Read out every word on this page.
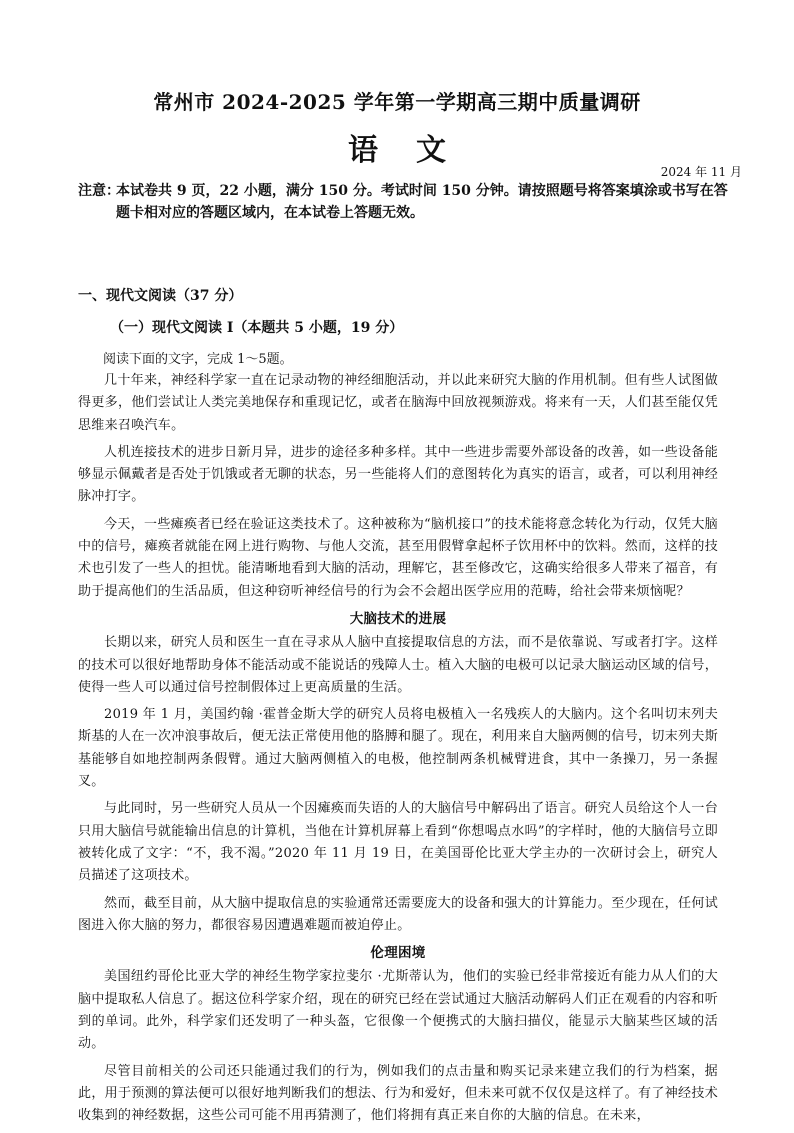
常州市 2024-2025 学年第一学期高三期中质量调研
语文
2024 年 11 月
注意：
本试卷共 9 页，22 小题，满分 150 分。考试时间 150 分钟。请按照题号将答案填涂或书写在答题卡相对应的答题区域内，在本试卷上答题无效。
一、现代文阅读（37 分）
（一）现代文阅读 I（本题共 5 小题，19 分）
阅读下面的文字，完成 1～5题。

几十年来，神经科学家一直在记录动物的神经细胞活动，并以此来研究大脑的作用机制。但有些人试图做得更多，他们尝试让人类完美地保存和重现记忆，或者在脑海中回放视频游戏。将来有一天，人们甚至能仅凭思维来召唤汽车。

人机连接技术的进步日新月异，进步的途径多种多样。其中一些进步需要外部设备的改善，如一些设备能够显示佩戴者是否处于饥饿或者无聊的状态，另一些能将人们的意图转化为真实的语言，或者，可以利用神经脉冲打字。

今天，一些瘫痪者已经在验证这类技术了。这种被称为“脑机接口”的技术能将意念转化为行动，仅凭大脑中的信号，瘫痪者就能在网上进行购物、与他人交流，甚至用假臂拿起杯子饮用杯中的饮料。然而，这样的技术也引发了一些人的担忧。能清晰地看到大脑的活动，理解它，甚至修改它，这确实给很多人带来了福音，有助于提高他们的生活品质，但这种窃听神经信号的行为会不会超出医学应用的范畴，给社会带来烦恼呢？

大脑技术的进展

长期以来，研究人员和医生一直在寻求从人脑中直接提取信息的方法，而不是依靠说、写或者打字。这样的技术可以很好地帮助身体不能活动或不能说话的残障人士。植入大脑的电极可以记录大脑运动区域的信号，使得一些人可以通过信号控制假体过上更高质量的生活。

2019 年 1 月，美国约翰 ·霍普金斯大学的研究人员将电极植入一名残疾人的大脑内。这个名叫切末列夫斯基的人在一次冲浪事故后，便无法正常使用他的胳膊和腿了。现在，利用来自大脑两侧的信号，切末列夫斯基能够自如地控制两条假臂。通过大脑两侧植入的电极，他控制两条机械臂进食，其中一条操刀，另一条握叉。

与此同时，另一些研究人员从一个因瘫痪而失语的人的大脑信号中解码出了语言。研究人员给这个人一台只用大脑信号就能输出信息的计算机，当他在计算机屏幕上看到“你想喝点水吗”的字样时，他的大脑信号立即被转化成了文字：“不，我不渴。”2020 年 11 月 19 日，在美国哥伦比亚大学主办的一次研讨会上，研究人员描述了这项技术。

然而，截至目前，从大脑中提取信息的实验通常还需要庞大的设备和强大的计算能力。至少现在，任何试图进入你大脑的努力，都很容易因遭遇难题而被迫停止。

伦理困境

美国纽约哥伦比亚大学的神经生物学家拉斐尔 ·尤斯蒂认为，他们的实验已经非常接近有能力从人们的大脑中提取私人信息了。据这位科学家介绍，现在的研究已经在尝试通过大脑活动解码人们正在观看的内容和听到的单词。此外，科学家们还发明了一种头盔，它很像一个便携式的大脑扫描仪，能显示大脑某些区域的活动。

尽管目前相关的公司还只能通过我们的行为，例如我们的点击量和购买记录来建立我们的行为档案，据此，用于预测的算法便可以很好地判断我们的想法、行为和爱好，但未来可就不仅仅是这样了。有了神经技术收集到的神经数据，这些公司可能不用再猜测了，他们将拥有真正来自你的大脑的信息。在未来，
